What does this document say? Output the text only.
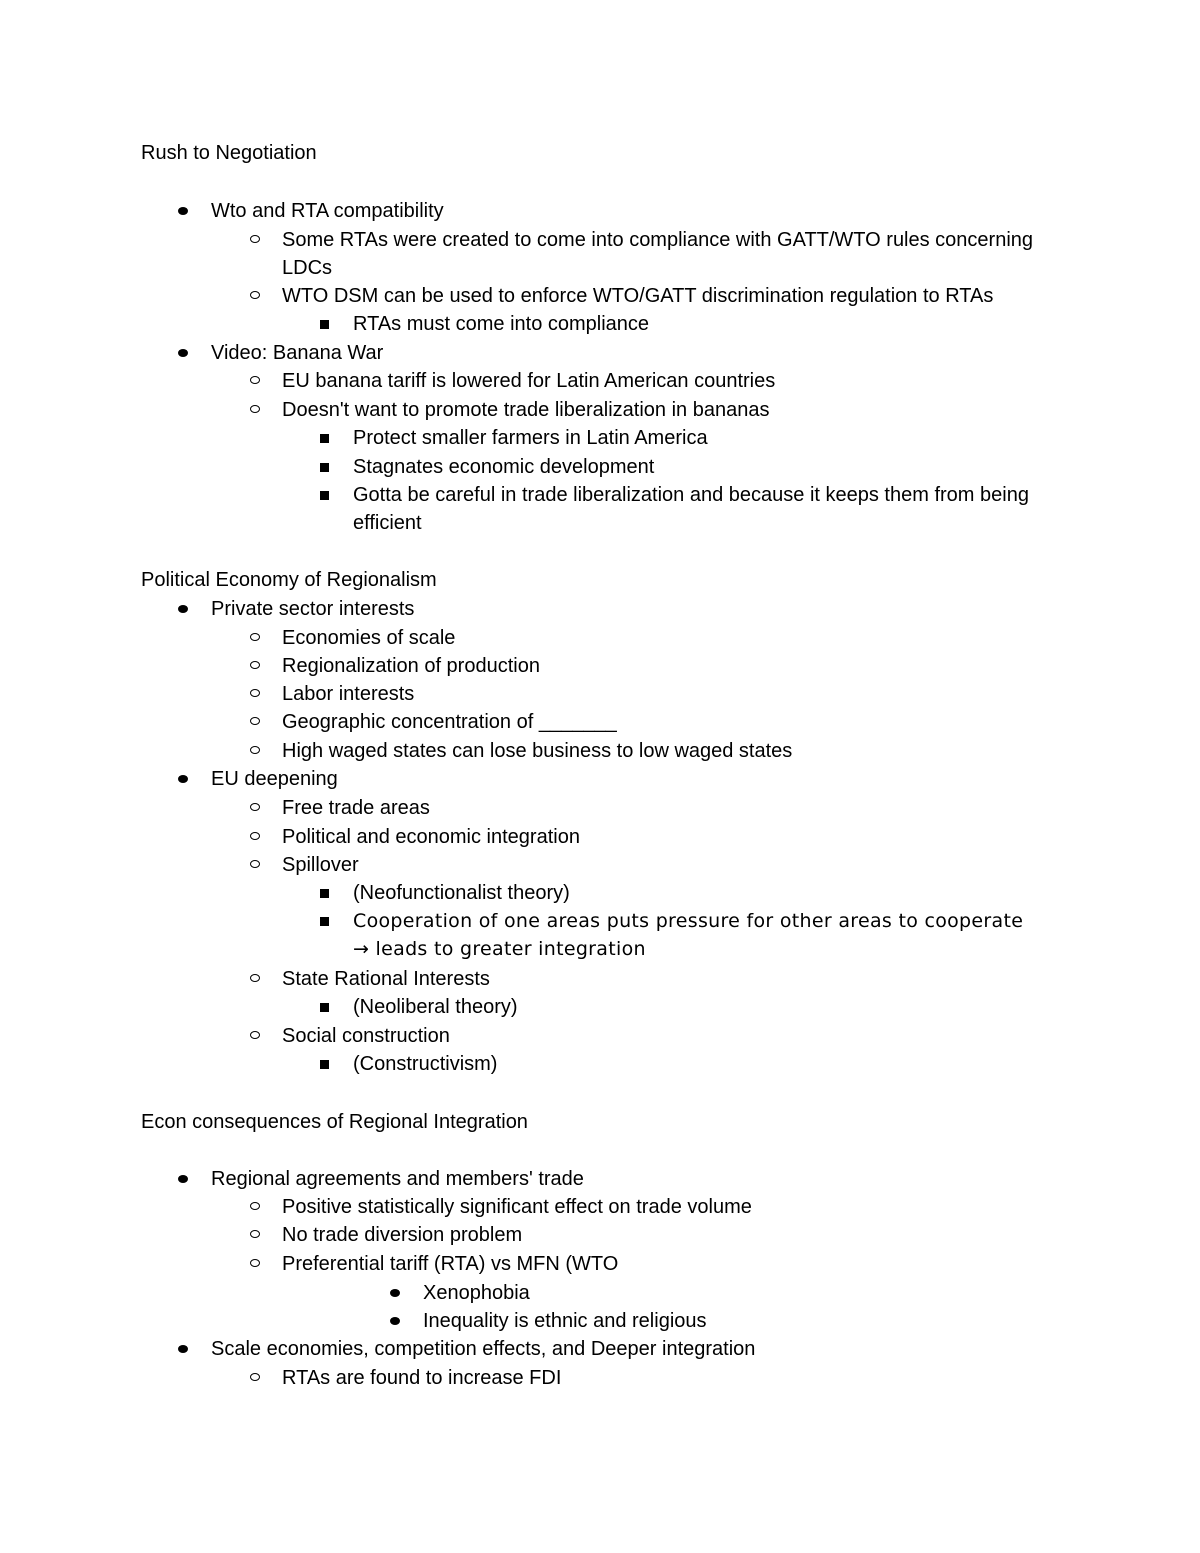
Rush to Negotiation
Wto and RTA compatibility
Some RTAs were created to come into compliance with GATT/WTO rules concerning LDCs
WTO DSM can be used to enforce WTO/GATT discrimination regulation to RTAs
RTAs must come into compliance
Video: Banana War
EU banana tariff is lowered for Latin American countries
Doesn't want to promote trade liberalization in bananas
Protect smaller farmers in Latin America
Stagnates economic development
Gotta be careful in trade liberalization and because it keeps them from being efficient
Political Economy of Regionalism
Private sector interests
Economies of scale
Regionalization of production
Labor interests
Geographic concentration of _______
High waged states can lose business to low waged states
EU deepening
Free trade areas
Political and economic integration
Spillover
(Neofunctionalist theory)
Cooperation of one areas puts pressure for other areas to cooperate → leads to greater integration
State Rational Interests
(Neoliberal theory)
Social construction
(Constructivism)
Econ consequences of Regional Integration
Regional agreements and members' trade
Positive statistically significant effect on trade volume
No trade diversion problem
Preferential tariff (RTA) vs MFN (WTO
Xenophobia
Inequality is ethnic and religious
Scale economies, competition effects, and Deeper integration
RTAs are found to increase FDI
